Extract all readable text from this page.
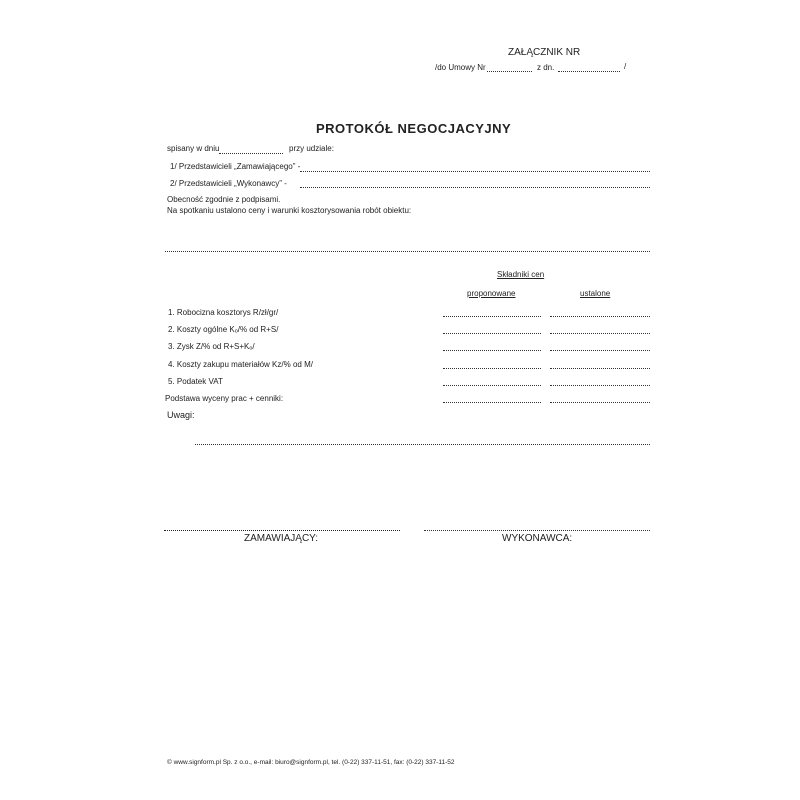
ZAŁĄCZNIK NR
/do Umowy Nr	z dn.	/
PROTOKÓŁ NEGOCJACYJNY
spisany w dniu	przy udziale:
1/ Przedstawicieli „Zamawiającego” -
2/ Przedstawicieli „Wykonawcy” -
Obecność zgodnie z podpisami.
Na spotkaniu ustalono ceny i warunki kosztorysowania robót obiektu:
Składniki cen
proponowane	ustalone
1. Robocizna kosztorys R/zł/gr/
2. Koszty ogólne Kₒ/% od R+S/
3. Zysk Z/% od R+S+Kₒ/
4. Koszty zakupu materiałów Kz/% od M/
5. Podatek VAT
Podstawa wyceny prac + cenniki:
Uwagi:
ZAMAWIAJĄCY:	WYKONAWCA:
© www.signform.pl Sp. z o.o., e-mail: biuro@signform.pl, tel. (0-22) 337-11-51, fax: (0-22) 337-11-52
